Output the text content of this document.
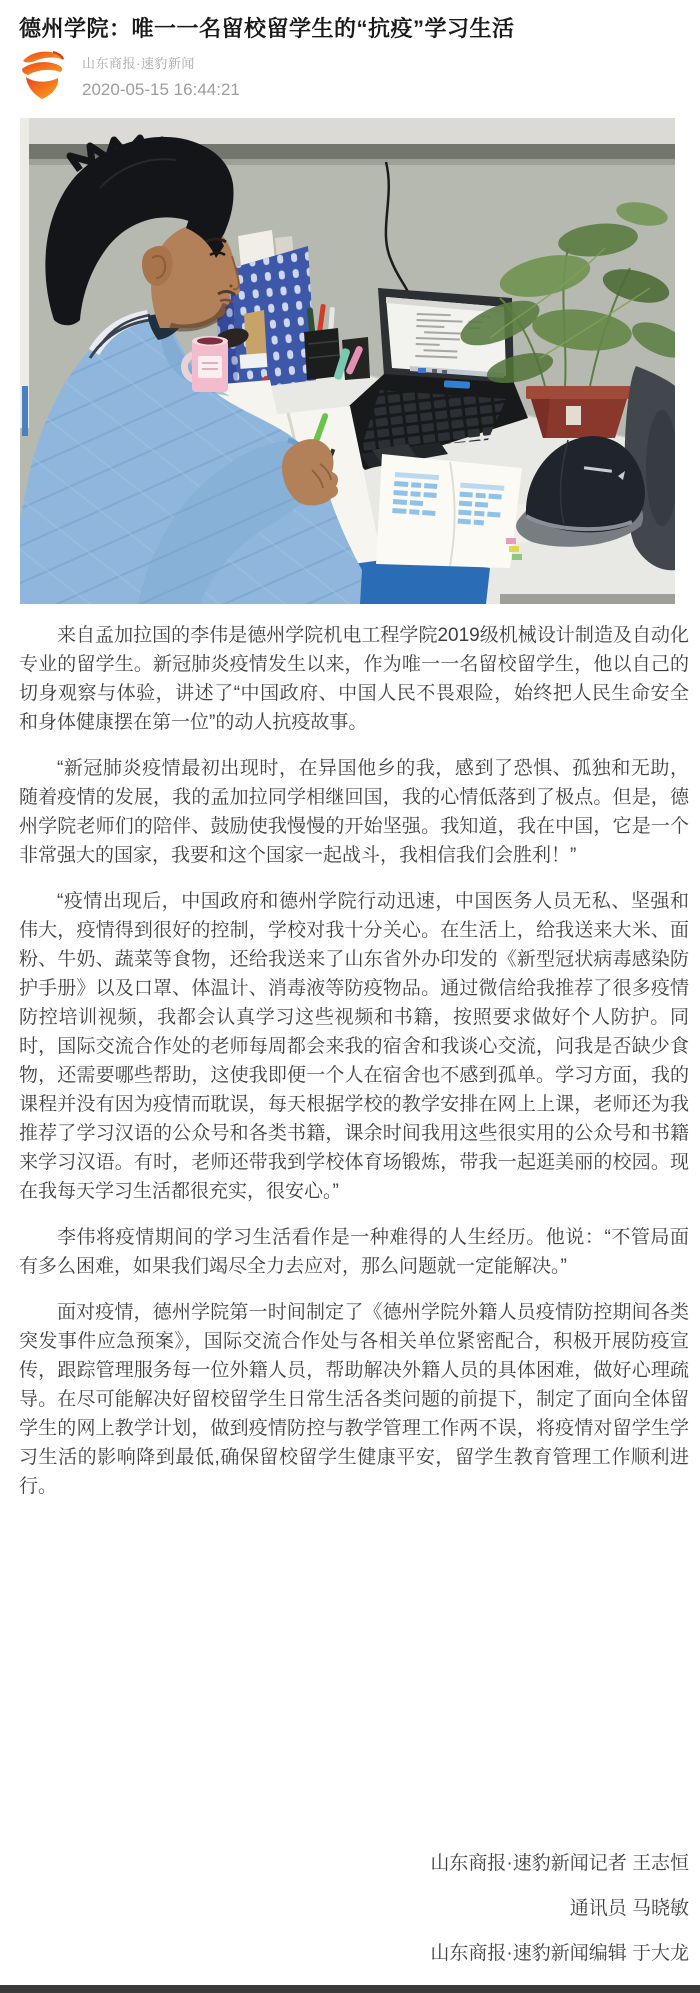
德州学院：唯一一名留校留学生的“抗疫”学习生活
山东商报·速豹新闻
2020-05-15 16:44:21

来自孟加拉国的李伟是德州学院机电工程学院2019级机械设计制造及自动化专业的留学生。新冠肺炎疫情发生以来，作为唯一一名留校留学生，他以自己的切身观察与体验，讲述了“中国政府、中国人民不畏艰险，始终把人民生命安全和身体健康摆在第一位”的动人抗疫故事。

“新冠肺炎疫情最初出现时，在异国他乡的我，感到了恐惧、孤独和无助，随着疫情的发展，我的孟加拉同学相继回国，我的心情低落到了极点。但是，德州学院老师们的陪伴、鼓励使我慢慢的开始坚强。我知道，我在中国，它是一个非常强大的国家，我要和这个国家一起战斗，我相信我们会胜利！”

“疫情出现后，中国政府和德州学院行动迅速，中国医务人员无私、坚强和伟大，疫情得到很好的控制，学校对我十分关心。在生活上，给我送来大米、面粉、牛奶、蔬菜等食物，还给我送来了山东省外办印发的《新型冠状病毒感染防护手册》以及口罩、体温计、消毒液等防疫物品。通过微信给我推荐了很多疫情防控培训视频，我都会认真学习这些视频和书籍，按照要求做好个人防护。同时，国际交流合作处的老师每周都会来我的宿舍和我谈心交流，问我是否缺少食物，还需要哪些帮助，这使我即便一个人在宿舍也不感到孤单。学习方面，我的课程并没有因为疫情而耽误，每天根据学校的教学安排在网上上课，老师还为我推荐了学习汉语的公众号和各类书籍，课余时间我用这些很实用的公众号和书籍来学习汉语。有时，老师还带我到学校体育场锻炼，带我一起逛美丽的校园。现在我每天学习生活都很充实，很安心。”

李伟将疫情期间的学习生活看作是一种难得的人生经历。他说：“不管局面有多么困难，如果我们竭尽全力去应对，那么问题就一定能解决。”

面对疫情，德州学院第一时间制定了《德州学院外籍人员疫情防控期间各类突发事件应急预案》，国际交流合作处与各相关单位紧密配合，积极开展防疫宣传，跟踪管理服务每一位外籍人员，帮助解决外籍人员的具体困难，做好心理疏导。在尽可能解决好留校留学生日常生活各类问题的前提下，制定了面向全体留学生的网上教学计划，做到疫情防控与教学管理工作两不误，将疫情对留学生学习生活的影响降到最低,确保留校留学生健康平安，留学生教育管理工作顺利进行。

山东商报·速豹新闻记者 王志恒
通讯员 马晓敏
山东商报·速豹新闻编辑 于大龙
